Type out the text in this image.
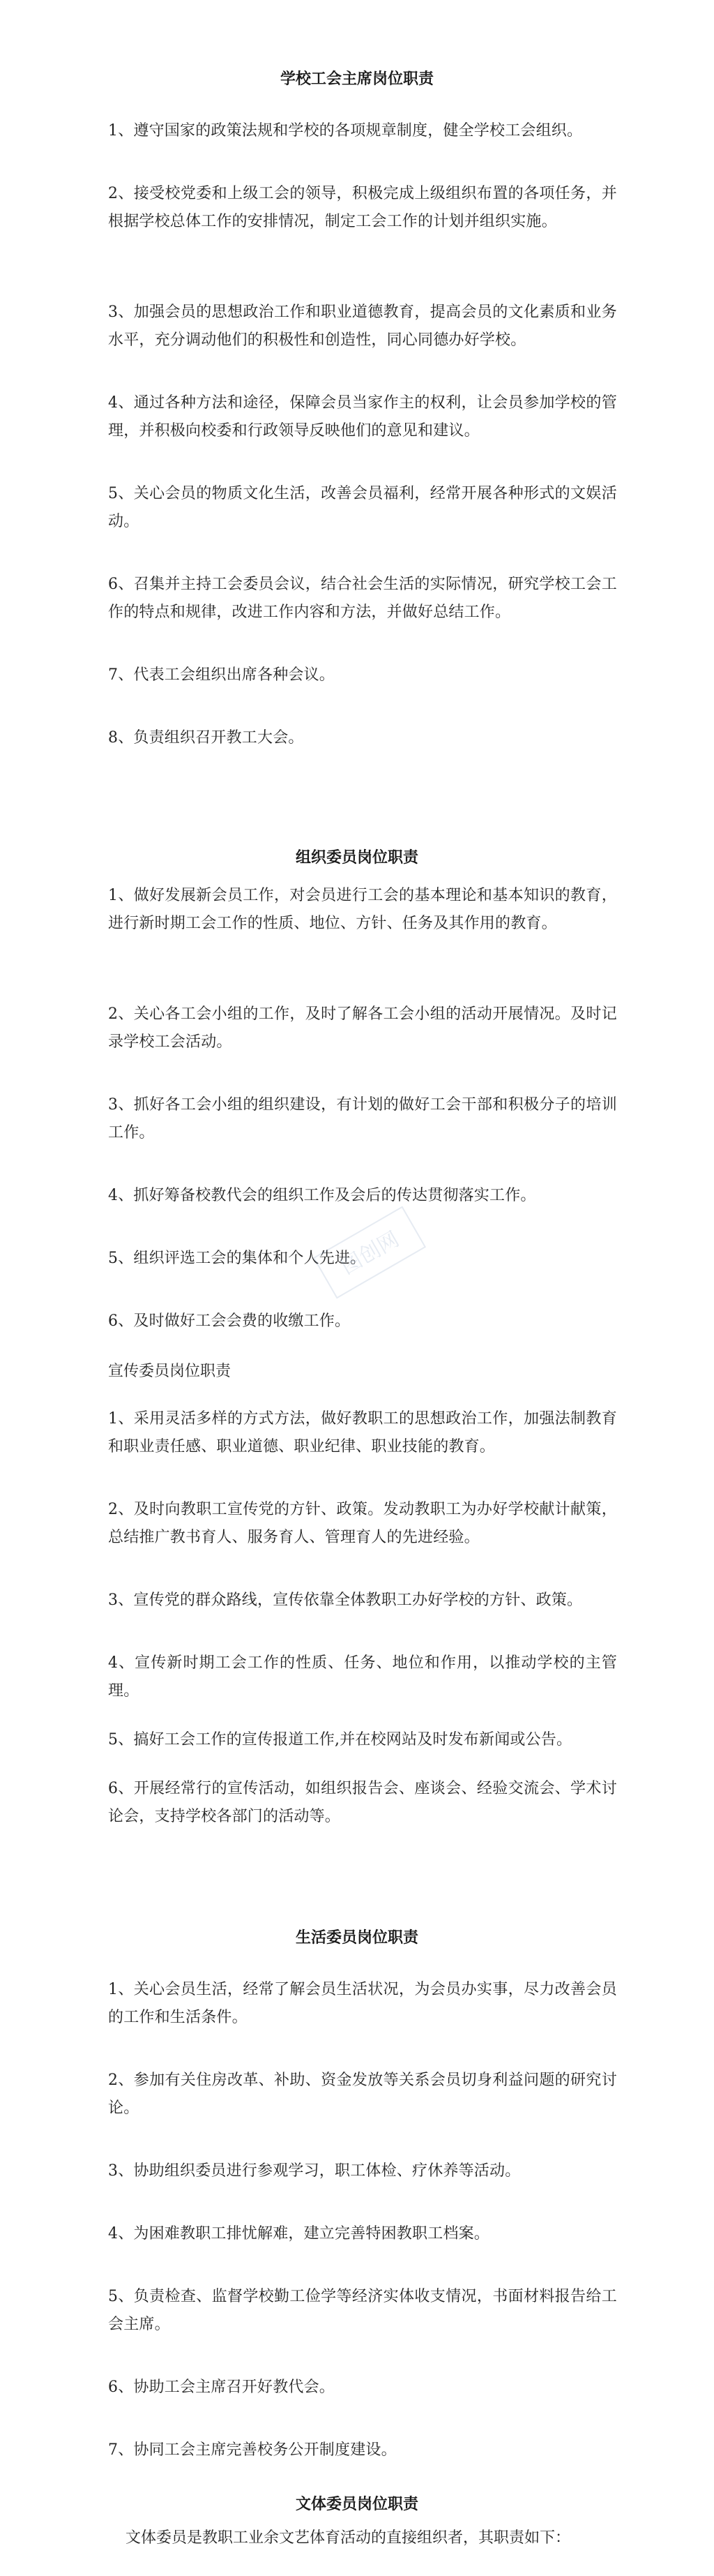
学校工会主席岗位职责
1、遵守国家的政策法规和学校的各项规章制度，健全学校工会组织。
2、接受校党委和上级工会的领导，积极完成上级组织布置的各项任务，并根据学校总体工作的安排情况，制定工会工作的计划并组织实施。
3、加强会员的思想政治工作和职业道德教育，提高会员的文化素质和业务水平，充分调动他们的积极性和创造性，同心同德办好学校。
4、通过各种方法和途径，保障会员当家作主的权利，让会员参加学校的管理，并积极向校委和行政领导反映他们的意见和建议。
5、关心会员的物质文化生活，改善会员福利，经常开展各种形式的文娱活动。
6、召集并主持工会委员会议，结合社会生活的实际情况，研究学校工会工作的特点和规律，改进工作内容和方法，并做好总结工作。
7、代表工会组织出席各种会议。
8、负责组织召开教工大会。
组织委员岗位职责
1、做好发展新会员工作，对会员进行工会的基本理论和基本知识的教育，进行新时期工会工作的性质、地位、方针、任务及其作用的教育。
2、关心各工会小组的工作，及时了解各工会小组的活动开展情况。及时记录学校工会活动。
3、抓好各工会小组的组织建设，有计划的做好工会干部和积极分子的培训工作。
4、抓好筹备校教代会的组织工作及会后的传达贯彻落实工作。
5、组织评选工会的集体和个人先进。
6、及时做好工会会费的收缴工作。
宣传委员岗位职责
1、采用灵活多样的方式方法，做好教职工的思想政治工作，加强法制教育和职业责任感、职业道德、职业纪律、职业技能的教育。
2、及时向教职工宣传党的方针、政策。发动教职工为办好学校献计献策，总结推广教书育人、服务育人、管理育人的先进经验。
3、宣传党的群众路线，宣传依靠全体教职工办好学校的方针、政策。
4、宣传新时期工会工作的性质、任务、地位和作用，以推动学校的主管理。
5、搞好工会工作的宣传报道工作,并在校网站及时发布新闻或公告。
6、开展经常行的宣传活动，如组织报告会、座谈会、经验交流会、学术讨论会，支持学校各部门的活动等。
生活委员岗位职责
1、关心会员生活，经常了解会员生活状况，为会员办实事，尽力改善会员的工作和生活条件。
2、参加有关住房改革、补助、资金发放等关系会员切身利益问题的研究讨论。
3、协助组织委员进行参观学习，职工体检、疗休养等活动。
4、为困难教职工排忧解难，建立完善特困教职工档案。
5、负责检查、监督学校勤工俭学等经济实体收支情况，书面材料报告给工会主席。
6、协助工会主席召开好教代会。
7、协同工会主席完善校务公开制度建设。
文体委员岗位职责
文体委员是教职工业余文艺体育活动的直接组织者，其职责如下：
图创网
